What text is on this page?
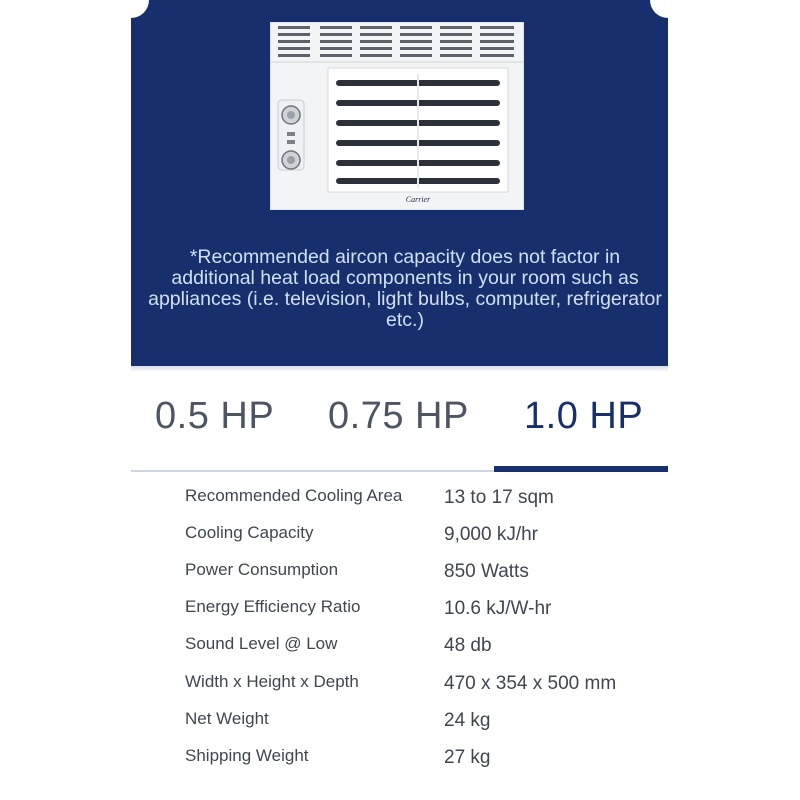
Carrier
*Recommended aircon capacity does not factor in
additional heat load components in your room such as
appliances (i.e. television, light bulbs, computer, refrigerator
etc.)
0.5 HP 0.75 HP 1.0 HP
Recommended Cooling Area 13 to 17 sqm
Cooling Capacity	9,000 kJ/hr
Power Consumption	850 Watts
Energy Efficiency Ratio	10.6 kJ/W-hr
Sound Level @ Low	48 db
Width x Height x Depth	470 x 354 x 500 mm
Net Weight	24 kg
Shipping Weight	27 kg
